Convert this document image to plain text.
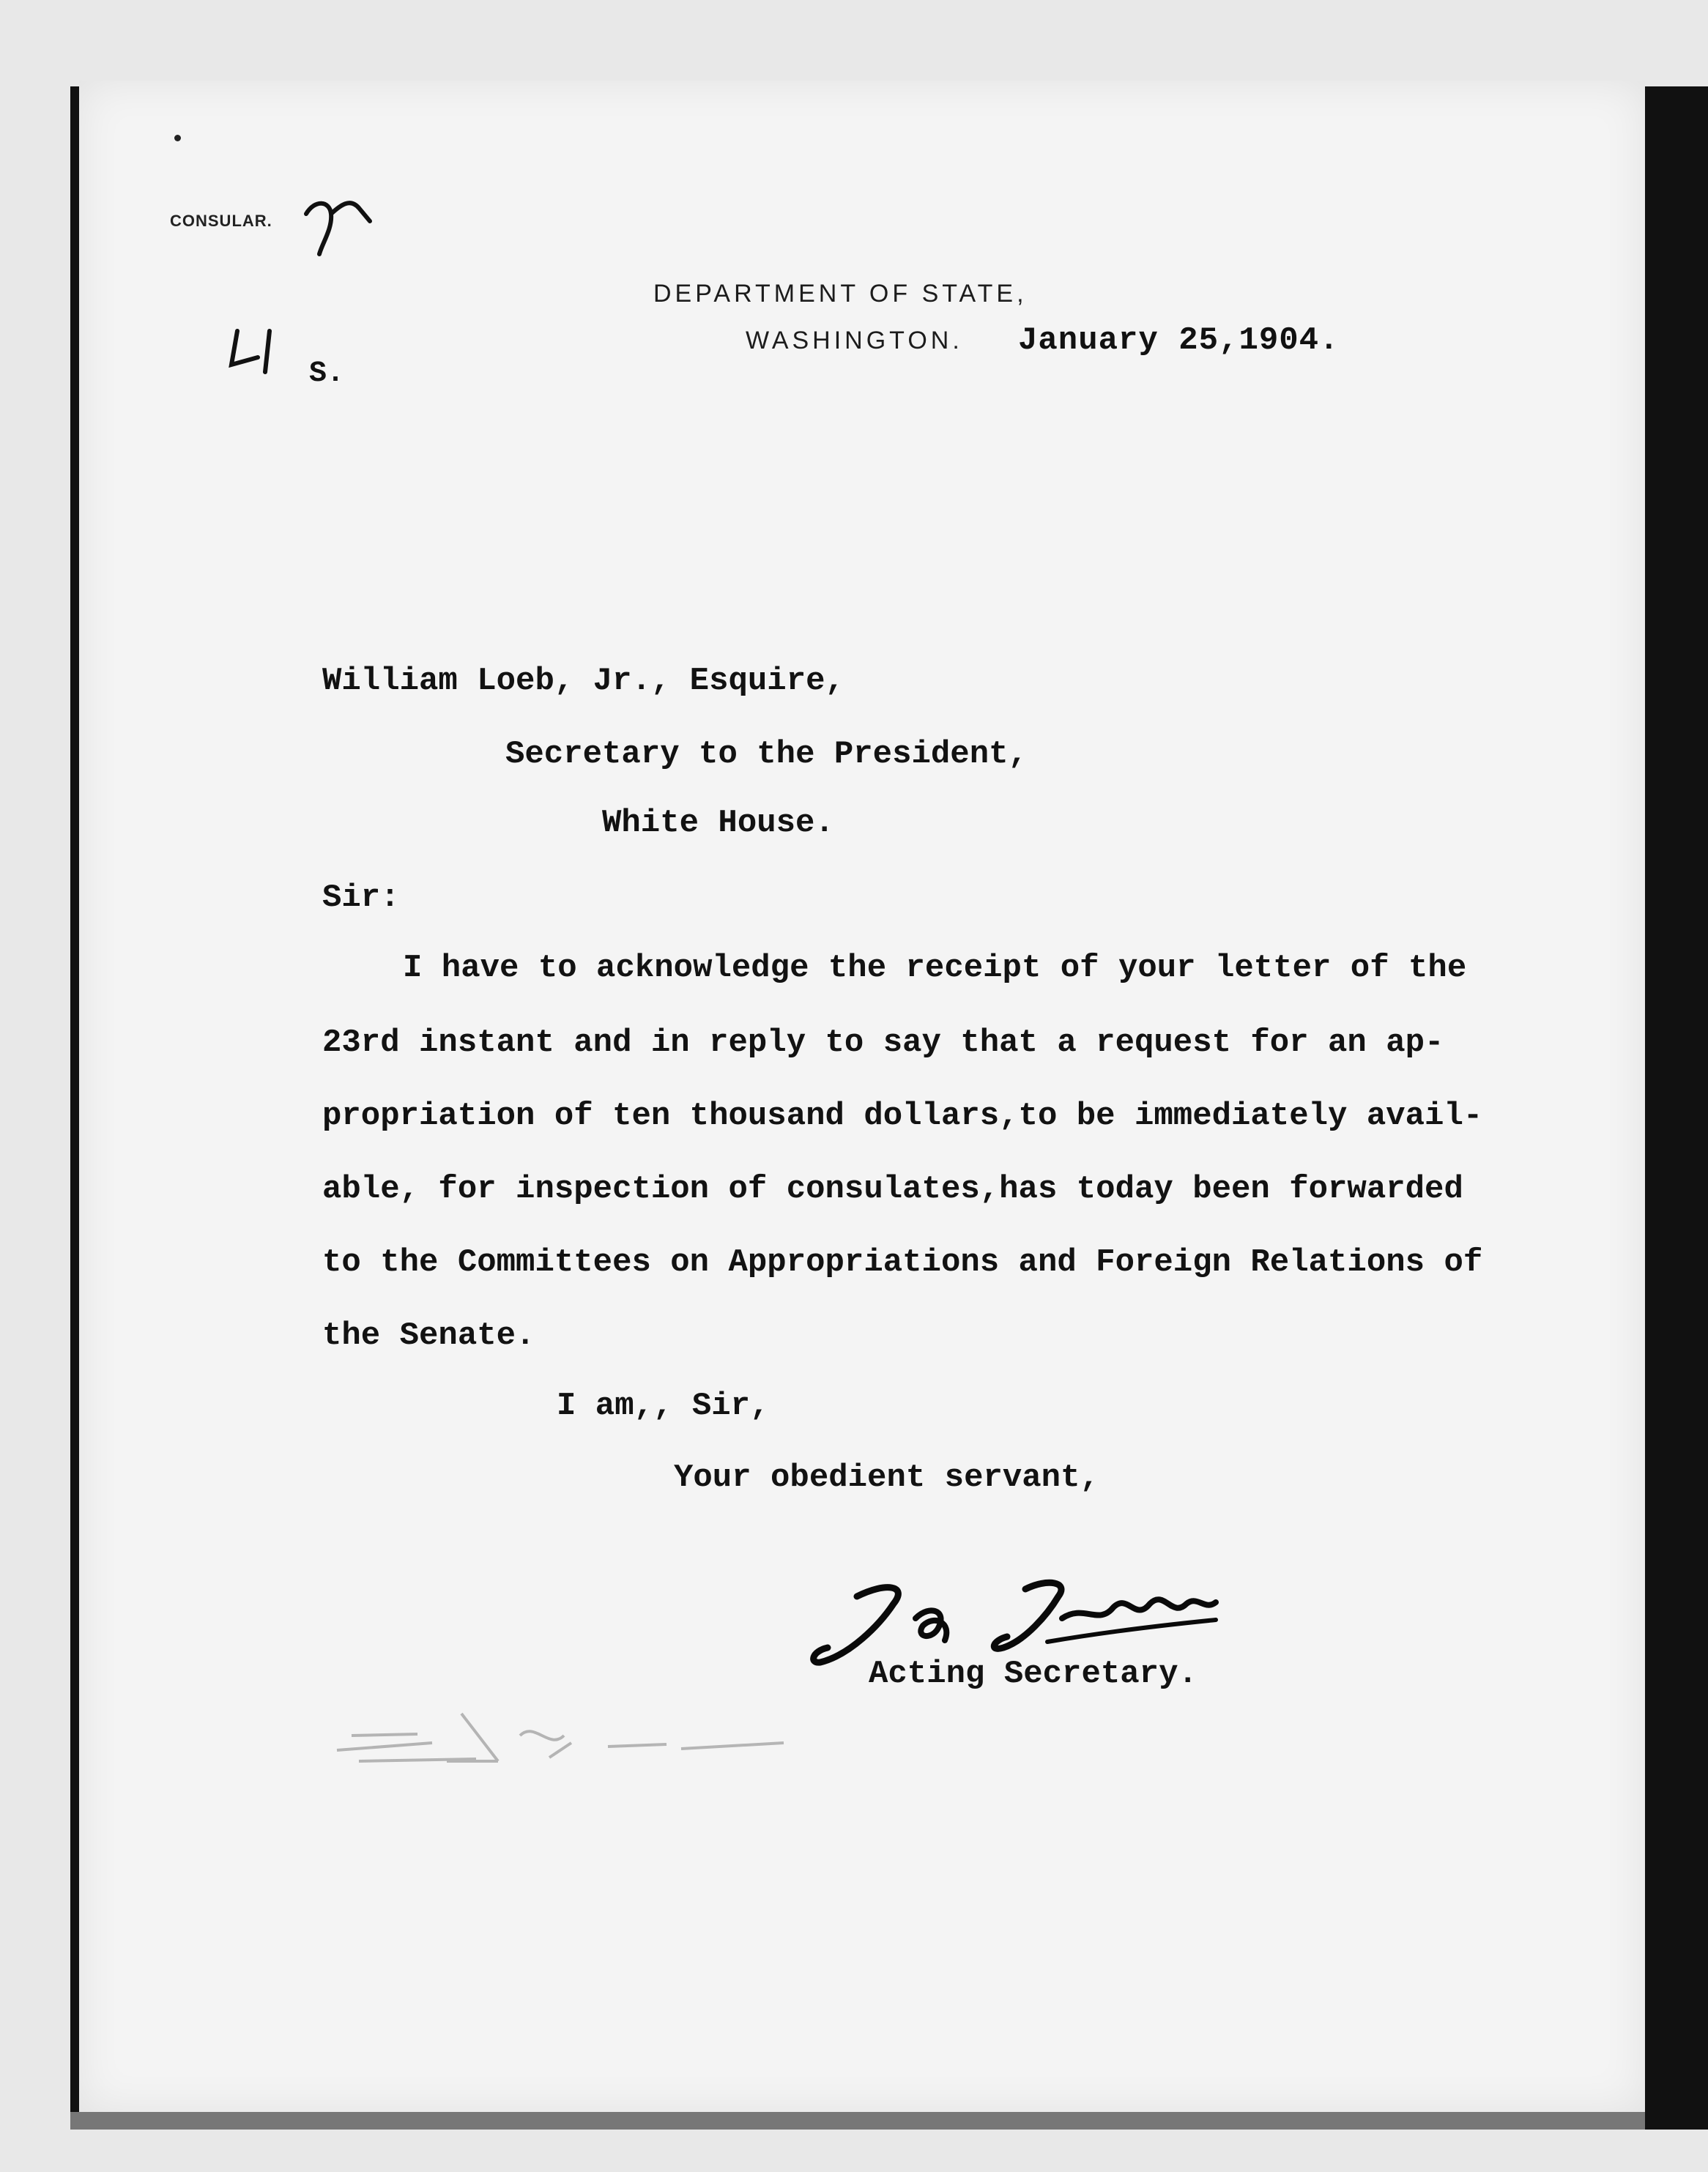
CONSULAR.
DEPARTMENT OF STATE,
WASHINGTON. January 25,1904.
S.
William Loeb, Jr., Esquire,
Secretary to the President,
White House.
Sir:
I have to acknowledge the receipt of your letter of the
23rd instant and in reply to say that a request for an ap-
propriation of ten thousand dollars,to be immediately avail-
able, for inspection of consulates,has today been forwarded
to the Committees on Appropriations and Foreign Relations of
the Senate.
I am,, Sir,
Your obedient servant,
Acting Secretary.
